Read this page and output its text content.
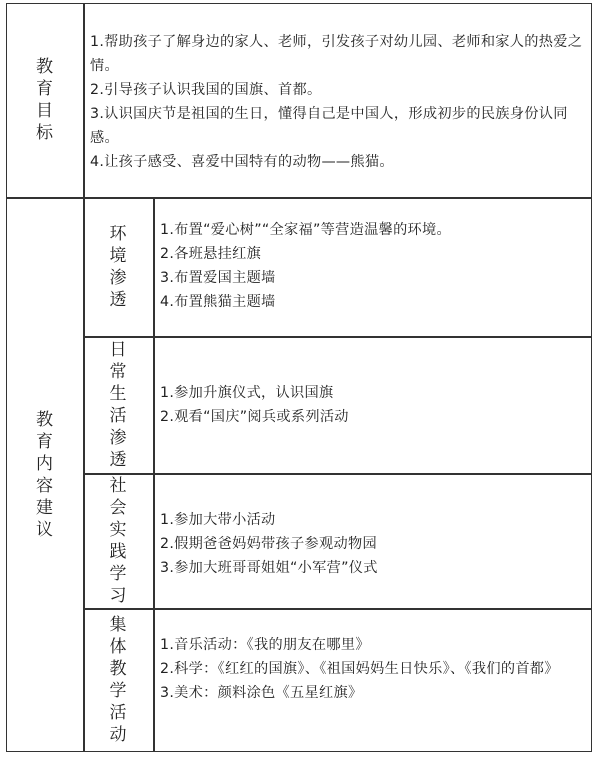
教
育
目
标
1.帮助孩子了解身边的家人、老师，引发孩子对幼儿园、老师和家人的热爱之情。
2.引导孩子认识我国的国旗、首都。
3.认识国庆节是祖国的生日，懂得自己是中国人，形成初步的民族身份认同感。
4.让孩子感受、喜爱中国特有的动物——熊猫。
教
育
内
容
建
议
环
境
渗
透
日
常
生
活
渗
透
社
会
实
践
学
习
集
体
教
学
活
动
1.布置“爱心树”“全家福”等营造温馨的环境。
2.各班悬挂红旗
3.布置爱国主题墙
4.布置熊猫主题墙
1.参加升旗仪式，认识国旗
2.观看“国庆”阅兵或系列活动
1.参加大带小活动
2.假期爸爸妈妈带孩子参观动物园
3.参加大班哥哥姐姐“小军营”仪式
1.音乐活动：《我的朋友在哪里》
2.科学：《红红的国旗》、《祖国妈妈生日快乐》、《我们的首都》
3.美术：颜料涂色《五星红旗》
